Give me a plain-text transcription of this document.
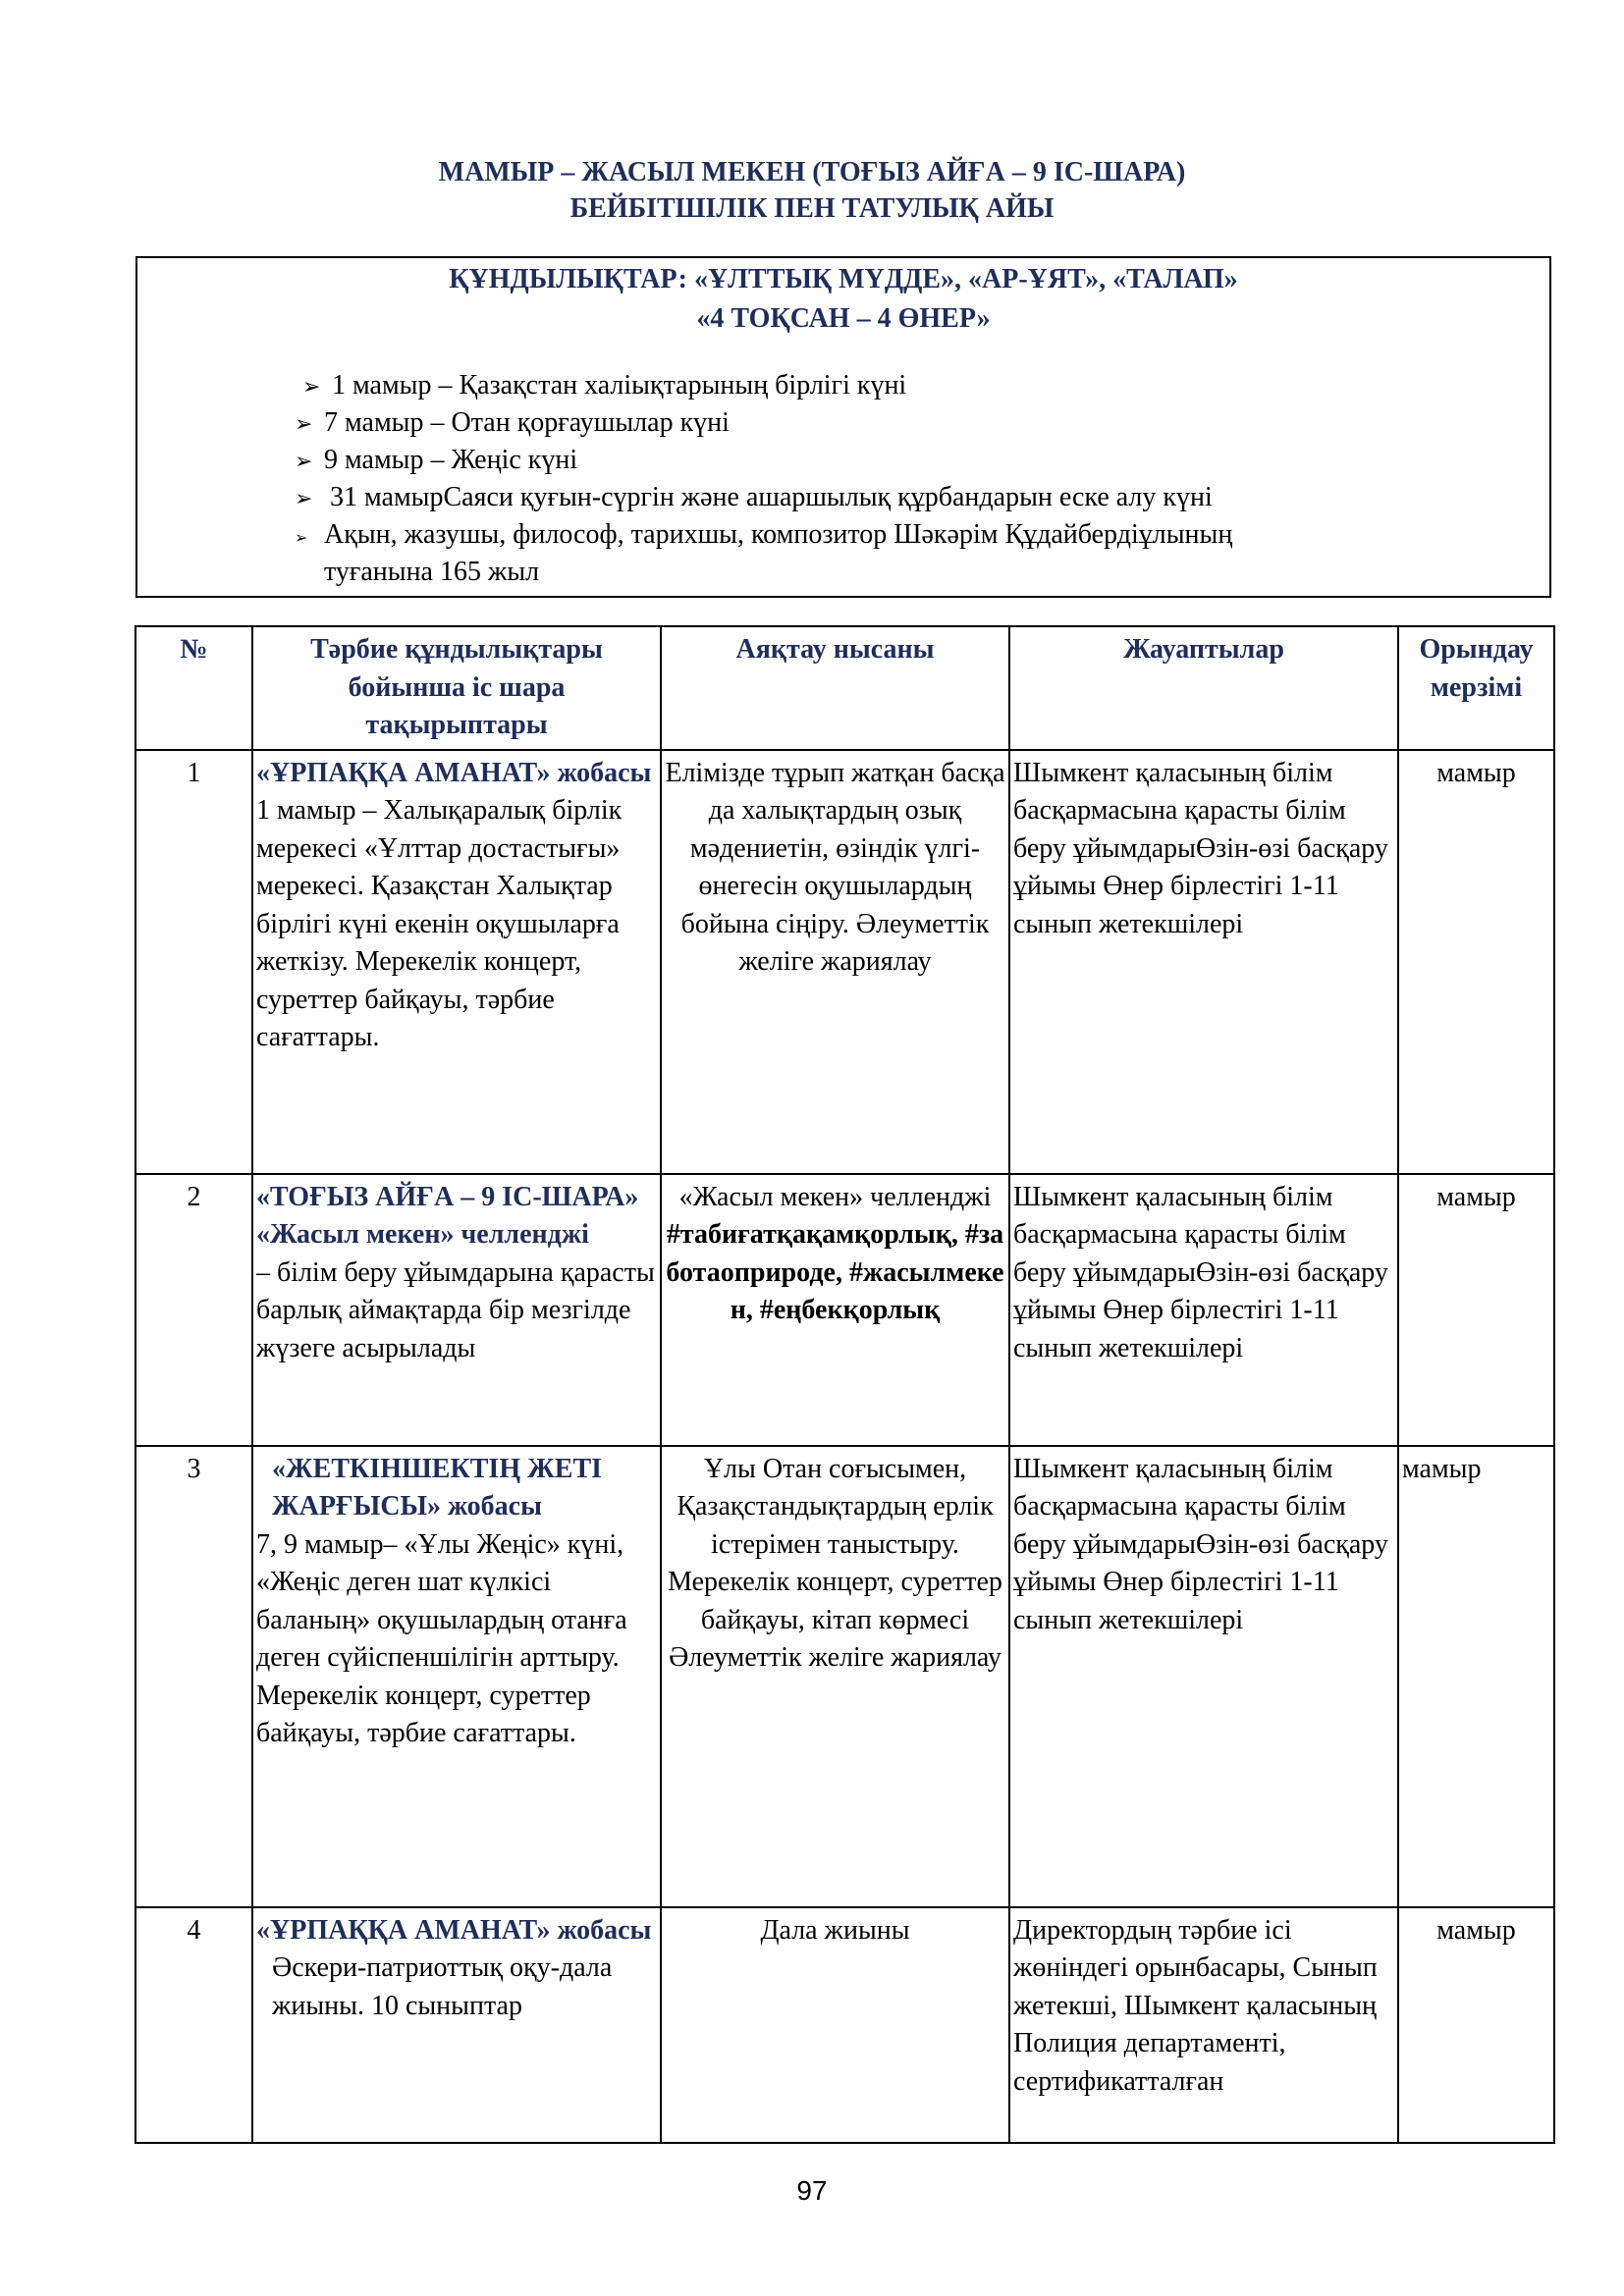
МАМЫР – ЖАСЫЛ МЕКЕН (ТОҒЫЗ АЙҒА – 9 ІС-ШАРА)
БЕЙБІТШІЛІК ПЕН ТАТУЛЫҚ АЙЫ
ҚҰНДЫЛЫҚТАР: «ҰЛТТЫҚ МҮДДЕ», «АР-ҰЯТ», «ТАЛАП»
«4 ТОҚСАН – 4 ӨНЕР»
➢ 1 мамыр – Қазақстан халіықтарының бірлігі күні
➢ 7 мамыр – Отан қорғаушылар күні
➢ 9 мамыр – Жеңіс күні
➢ 31 мамырСаяси қуғын-сүргін және ашаршылық құрбандарын еске алу күні
➢ Ақын, жазушы, философ, тарихшы, композитор Шәкәрім Құдайбердіұлының
туғанына 165 жыл
№	Тәрбие құндылықтары бойынша іс шара тақырыптары	Аяқтау нысаны	Жауаптылар	Орындау мерзімі
1	«ҰРПАҚҚА АМАНАТ» жобасы
1 мамыр – Халықаралық бірлік мерекесі «Ұлттар достастығы» мерекесі. Қазақстан Халықтар бірлігі күні екенін оқушыларға жеткізу. Мерекелік концерт, суреттер байқауы, тәрбие сағаттары.	Елімізде тұрып жатқан басқа да халықтардың озық мәдениетін, өзіндік үлгі-өнегесін оқушылардың бойына сіңіру. Әлеуметтік желіге жариялау	Шымкент қаласының білім басқармасына қарасты білім беру ұйымдарыӨзін-өзі басқару ұйымы Өнер бірлестігі 1-11 сынып жетекшілері	мамыр
2	«ТОҒЫЗ АЙҒА – 9 ІС-ШАРА»
«Жасыл мекен» челленджі
– білім беру ұйымдарына қарасты барлық аймақтарда бір мезгілде жүзеге асырылады	«Жасыл мекен» челленджі
#табиғатқақамқорлық, #заботаоприроде, #жасылмекен, #еңбекқорлық	Шымкент қаласының білім басқармасына қарасты білім беру ұйымдарыӨзін-өзі басқару ұйымы Өнер бірлестігі 1-11 сынып жетекшілері	мамыр
3	«ЖЕТКІНШЕКТІҢ ЖЕТІ ЖАРҒЫСЫ» жобасы
7, 9 мамыр– «Ұлы Жеңіс» күні, «Жеңіс деген шат күлкісі баланың» оқушылардың отанға деген сүйіспеншілігін арттыру. Мерекелік концерт, суреттер байқауы, тәрбие сағаттары.	Ұлы Отан соғысымен, Қазақстандықтардың ерлік істерімен таныстыру. Мерекелік концерт, суреттер байқауы, кітап көрмесі Әлеуметтік желіге жариялау	Шымкент қаласының білім басқармасына қарасты білім беру ұйымдарыӨзін-өзі басқару ұйымы Өнер бірлестігі 1-11 сынып жетекшілері	мамыр
4	«ҰРПАҚҚА АМАНАТ» жобасы

Әскери-патриоттық оқу-дала жиыны. 10 сыныптар	Дала жиыны	Директордың тәрбие ісі жөніндегі орынбасары, Сынып жетекші, Шымкент қаласының Полиция департаменті, сертификатталған	мамыр
97
